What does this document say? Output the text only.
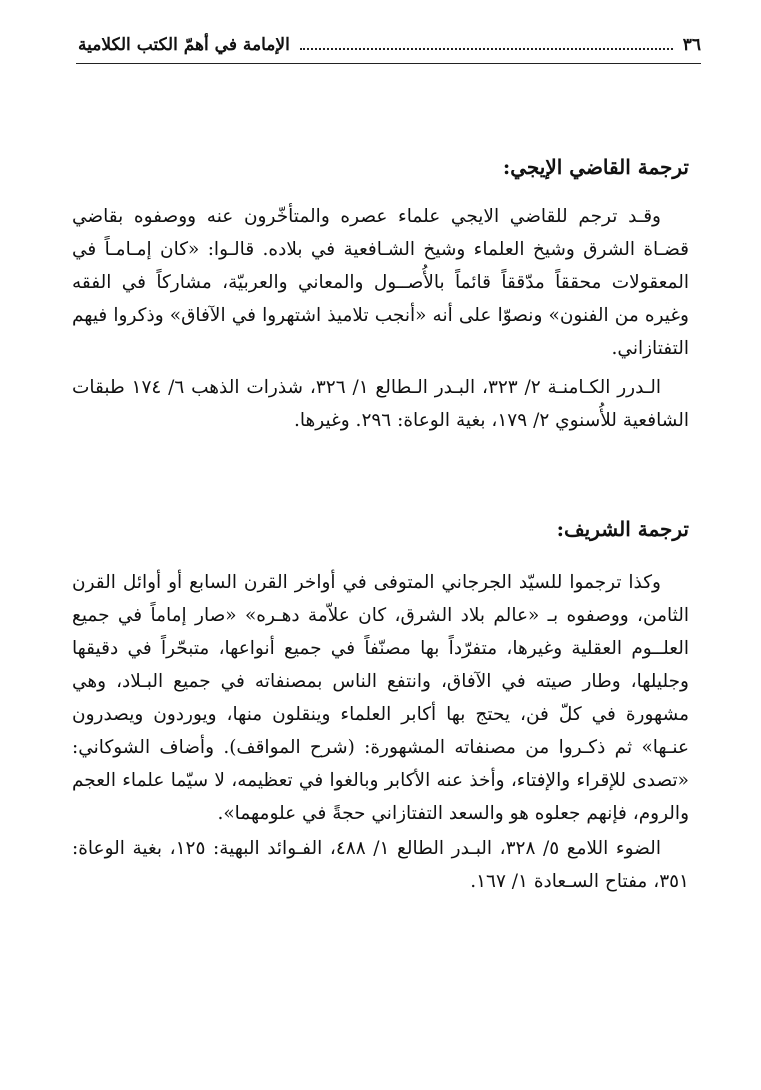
٣٦
الإمامة في أهمّ الكتب الكلامية
ترجمة القاضي الإيجي:

وقـد ترجم للقاضي الايجي علماء عصره والمتأخّرون عنه ووصفوه بقاضي قضـاة الشرق وشيخ العلماء وشيخ الشـافعية في بلاده. قالـوا: «كان إمـامـاً في المعقولات محققاً مدّققاً قائماً بالأُصــول والمعاني والعربيّة، مشاركاً في الفقه وغيره من الفنون» ونصوّا على أنه «أنجب تلاميذ اشتهروا في الآفاق» وذكروا فيهم التفتازاني.

الـدرر الكـامنـة ٢/ ٣٢٣، البـدر الـطالع ١/ ٣٢٦، شذرات الذهب ٦/ ١٧٤ طبقات الشافعية للأُسنوي ٢/ ١٧٩، بغية الوعاة: ٢٩٦. وغيرها.

ترجمة الشريف:

وكذا ترجموا للسيّد الجرجاني المتوفى في أواخر القرن السابع أو أوائل القرن الثامن، ووصفوه بـ «عالم بلاد الشرق، كان علاّمة دهـره» «صار إماماً في جميع العلــوم العقلية وغيرها، متفرّداً بها مصنّفاً في جميع أنواعها، متبحّراً في دقيقها وجليلها، وطار صيته في الآفاق، وانتفع الناس بمصنفاته في جميع البـلاد، وهي مشهورة في كلّ فن، يحتج بها أكابر العلماء وينقلون منها، ويوردون ويصدرون عنـها» ثم ذكـروا من مصنفاته المشهورة: (شرح المواقف). وأضاف الشوكاني: «تصدى للإقراء والإفتاء، وأخذ عنه الأكابر وبالغوا في تعظيمه، لا سيّما علماء العجم والروم، فإنهم جعلوه هو والسعد التفتازاني حجةً في علومهما».

الضوء اللامع ٥/ ٣٢٨، البـدر الطالع ١/ ٤٨٨، الفـوائد البهية: ١٢٥، بغية الوعاة: ٣٥١، مفتاح السـعادة ١/ ١٦٧.
